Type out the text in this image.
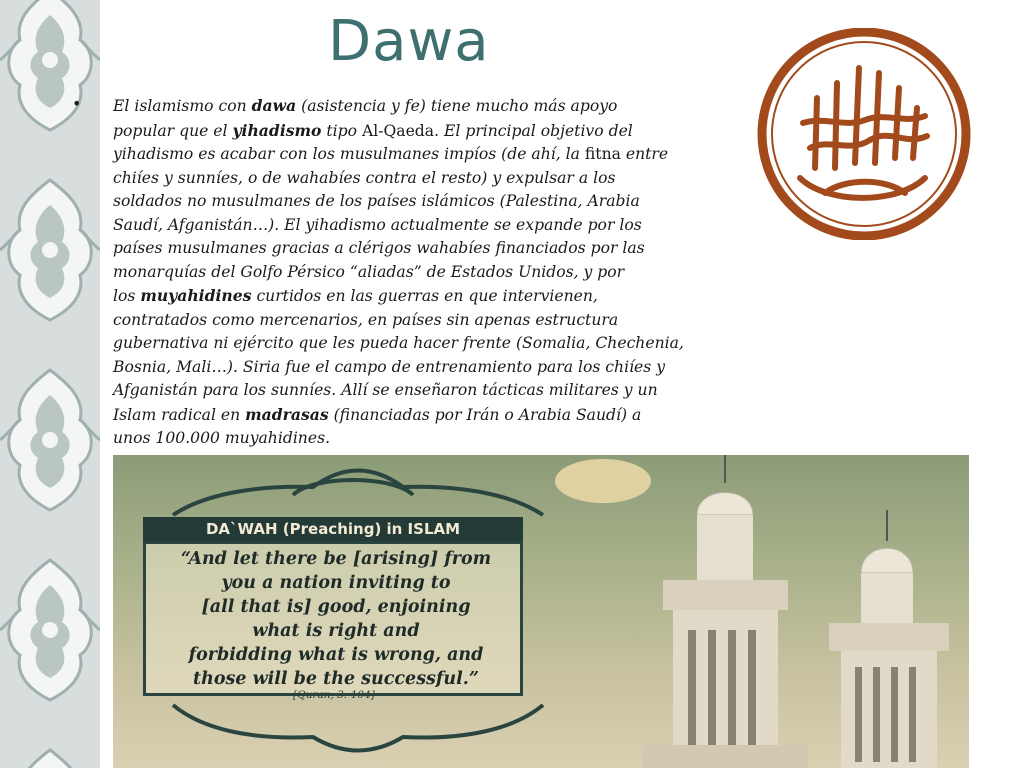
Dawa
• El islamismo con dawa (asistencia y fe) tiene mucho más apoyo
popular que el yihadismo tipo Al-Qaeda. El principal objetivo del
yihadismo es acabar con los musulmanes impíos (de ahí, la fitna entre
chiíes y sunníes, o de wahabíes contra el resto) y expulsar a los
soldados no musulmanes de los países islámicos (Palestina, Arabia
Saudí, Afganistán…). El yihadismo actualmente se expande por los
países musulmanes gracias a clérigos wahabíes financiados por las
monarquías del Golfo Pérsico “aliadas” de Estados Unidos, y por
los muyahidines curtidos en las guerras en que intervienen,
contratados como mercenarios, en países sin apenas estructura
gubernativa ni ejército que les pueda hacer frente (Somalia, Chechenia,
Bosnia, Mali…). Siria fue el campo de entrenamiento para los chiíes y
Afganistán para los sunníes. Allí se enseñaron tácticas militares y un
Islam radical en madrasas (financiadas por Irán o Arabia Saudí) a
unos 100.000 muyahidines.
DA`WAH (Preaching) in ISLAM
“And let there be [arising] from
you a nation inviting to
[all that is] good, enjoining
what is right and
forbidding what is wrong, and
those will be the successful.”
[Quran, 3: 104]
